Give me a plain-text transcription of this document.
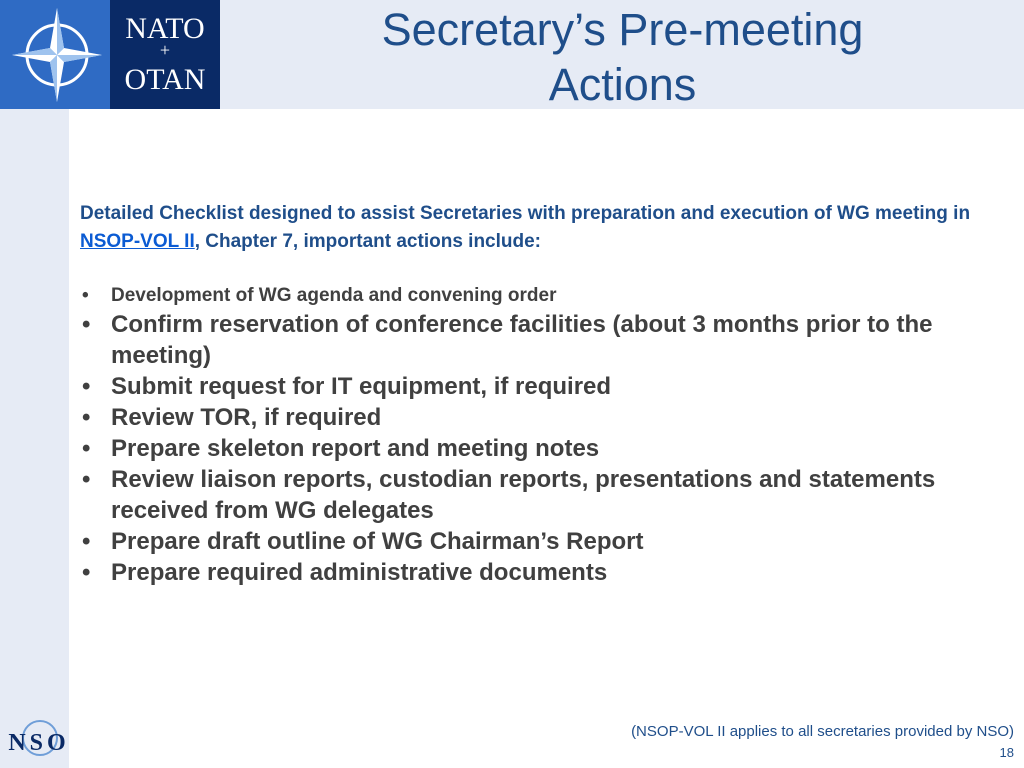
NATO
+
OTAN
Secretary’s Pre-meeting
Actions

Detailed Checklist designed to assist Secretaries with preparation and execution of WG meeting in NSOP-VOL II, Chapter 7, important actions include:

• Development of WG agenda and convening order
• Confirm reservation of conference facilities (about 3 months prior to the meeting)
• Submit request for IT equipment, if required
• Review TOR, if required
• Prepare skeleton report and meeting notes
• Review liaison reports, custodian reports, presentations and statements received from WG delegates
• Prepare draft outline of WG Chairman’s Report
• Prepare required administrative documents
NSO	(NSOP-VOL II applies to all secretaries provided by NSO)
18
